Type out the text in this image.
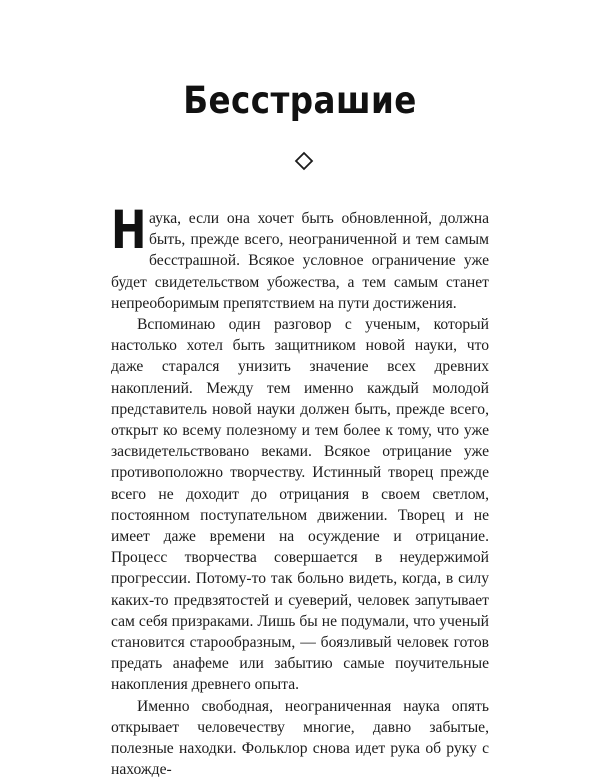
Бесстрашие

Наука, если она хочет быть обновленной, должна быть, прежде всего, неограниченной и тем самым бесстрашной. Всякое условное ограничение уже будет свидетельством убожества, а тем самым станет непреоборимым препятствием на пути достижения.

Вспоминаю один разговор с ученым, который настолько хотел быть защитником новой науки, что даже старался унизить значение всех древних накоплений. Между тем именно каждый молодой представитель новой науки должен быть, прежде всего, открыт ко всему полезному и тем более к тому, что уже засвидетельствовано веками. Всякое отрицание уже противоположно творчеству. Истинный творец прежде всего не доходит до отрицания в своем светлом, постоянном поступательном движении. Творец и не имеет даже времени на осуждение и отрицание. Процесс творчества совершается в неудержимой прогрессии. Потому-то так больно видеть, когда, в силу каких-то предвзятостей и суеверий, человек запутывает сам себя призраками. Лишь бы не подумали, что ученый становится старообразным, — боязливый человек готов предать анафеме или забытию самые поучительные накопления древнего опыта.

Именно свободная, неограниченная наука опять открывает человечеству многие, давно забытые, полезные находки. Фольклор снова идет рука об руку с нахожде-
